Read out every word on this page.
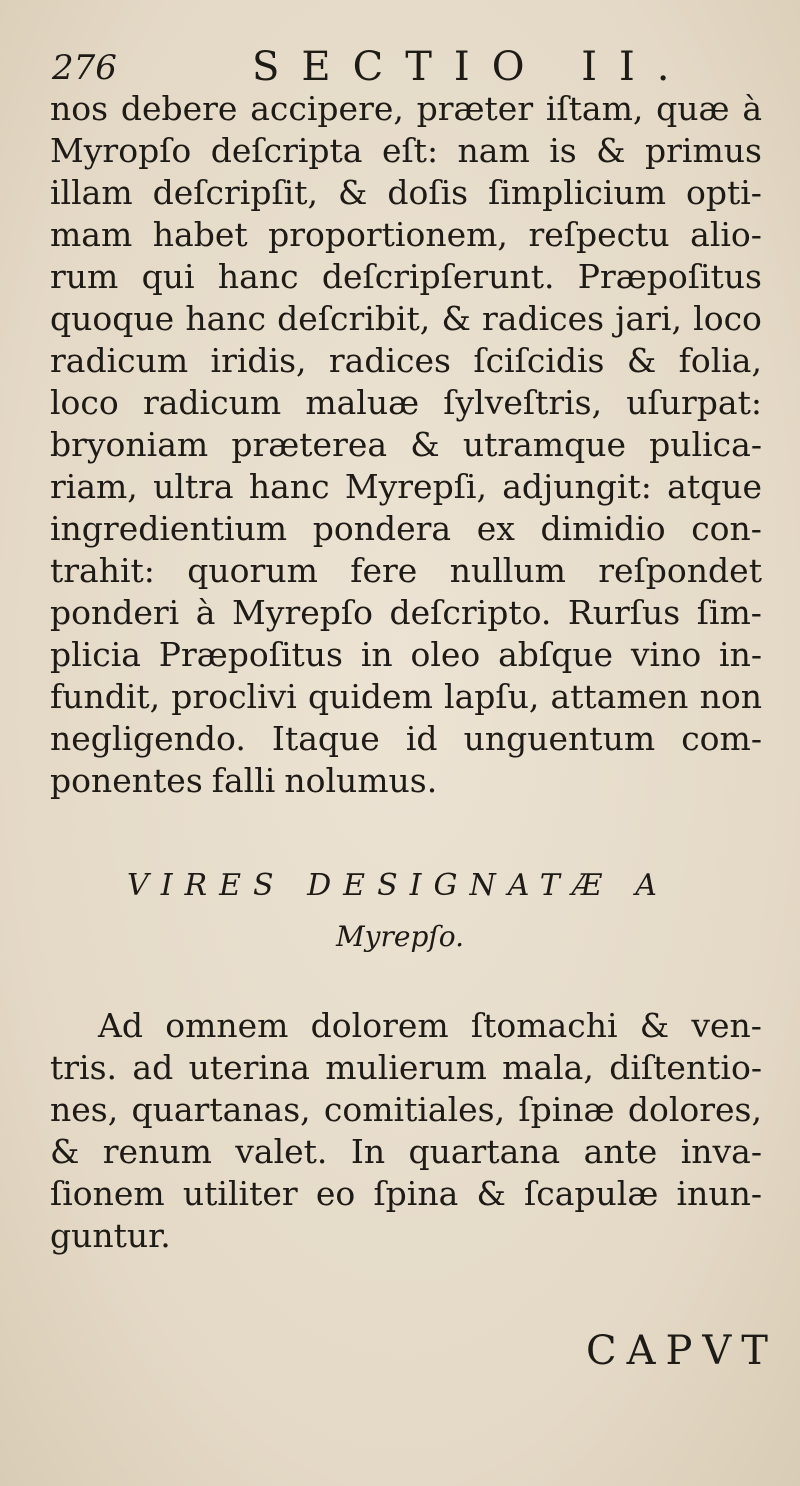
276	SECTIO II.
nos debere accipere, præter iſtam, quæ à
Myropſo deſcripta eſt: nam is & primus
illam deſcripſit, & doſis ſimplicium opti-
mam habet proportionem, reſpectu alio-
rum qui hanc deſcripſerunt. Præpoſitus
quoque hanc deſcribit, & radices jari, loco
radicum iridis, radices ſciſcidis & folia,
loco radicum maluæ ſylveſtris, uſurpat:
bryoniam præterea & utramque pulica-
riam, ultra hanc Myrepſi, adjungit: atque
ingredientium pondera ex dimidio con-
trahit: quorum fere nullum reſpondet
ponderi à Myrepſo deſcripto. Rurſus ſim-
plicia Præpoſitus in oleo abſque vino in-
fundit, proclivi quidem lapſu, attamen non
negligendo. Itaque id unguentum com-
ponentes falli nolumus.
VIRES DESIGNATÆ A
Myrepſo.
Ad omnem dolorem ſtomachi & ven-
tris. ad uterina mulierum mala, diſtentio-
nes, quartanas, comitiales, ſpinæ dolores,
& renum valet. In quartana ante inva-
ſionem utiliter eo ſpina & ſcapulæ inun-
guntur.
CAPVT
